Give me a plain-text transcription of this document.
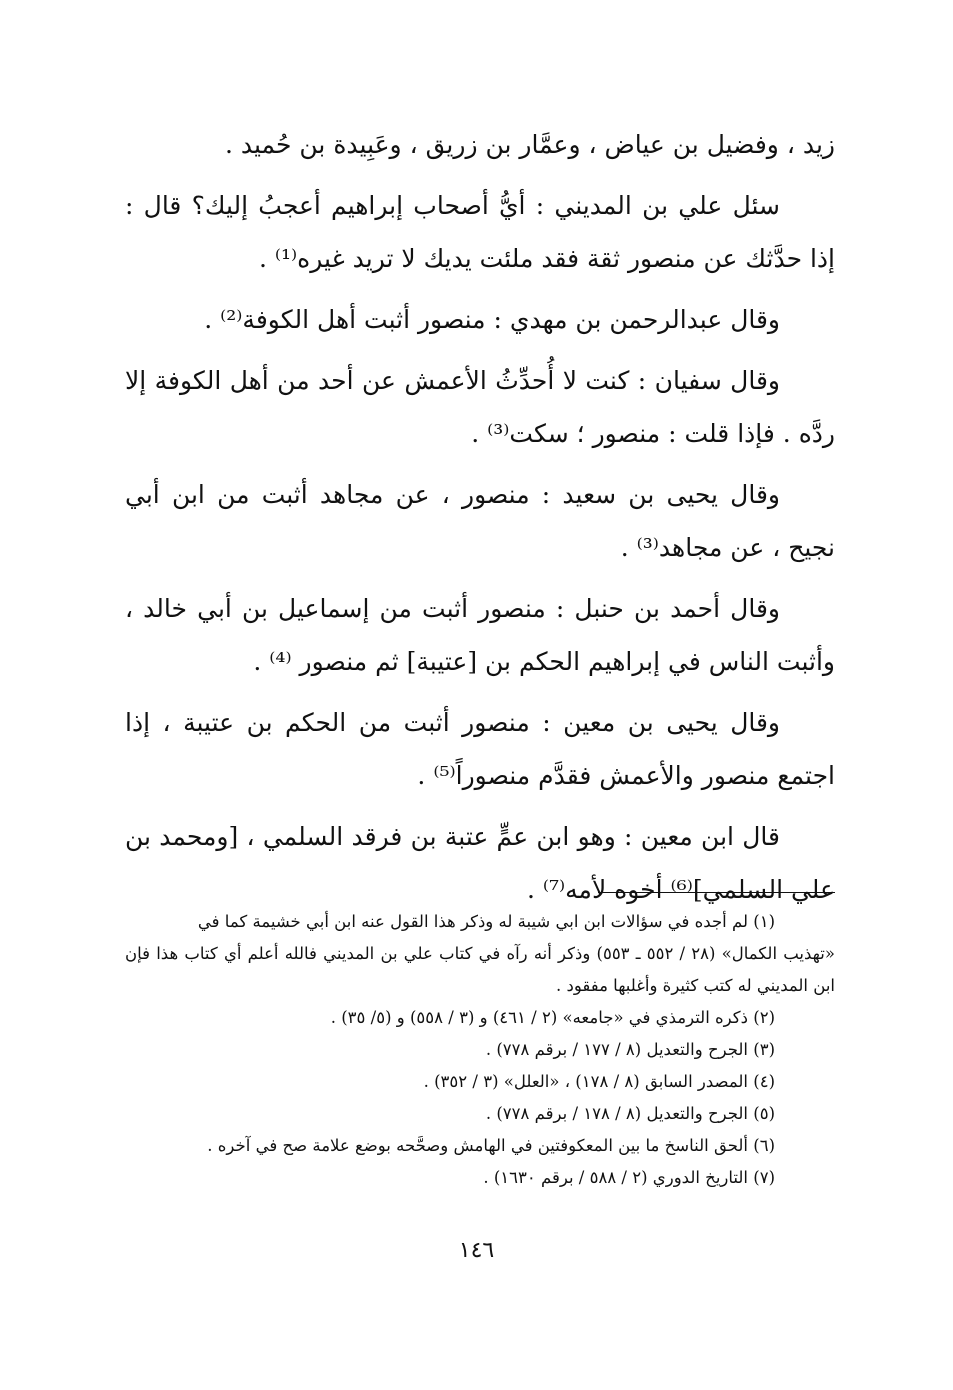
زيد ، وفضيل بن عياض ، وعمَّار بن زريق ، وعَبِيدة بن حُميد .

سئل علي بن المديني : أيُّ أصحاب إبراهيم أعجبُ إليك؟ قال : إذا حدَّثك عن منصور ثقة فقد ملئت يديك لا تريد غيره⁽¹⁾ .

وقال عبدالرحمن بن مهدي : منصور أثبت أهل الكوفة⁽²⁾ .

وقال سفيان : كنت لا أُحدِّثُ الأعمش عن أحد من أهل الكوفة إلا ردَّه . فإذا قلت : منصور ؛ سكت⁽³⁾ .

وقال يحيى بن سعيد : منصور ، عن مجاهد أثبت من ابن أبي نجيح ، عن مجاهد⁽³⁾ .

وقال أحمد بن حنبل : منصور أثبت من إسماعيل بن أبي خالد ، وأثبت الناس في إبراهيم الحكم بن [عتيبة] ثم منصور ⁽⁴⁾ .

وقال يحيى بن معين : منصور أثبت من الحكم بن عتيبة ، إذا اجتمع منصور والأعمش فقدَّم منصوراً⁽⁵⁾ .

قال ابن معين : وهو ابن عمٍّ عتبة بن فرقد السلمي ، [ومحمد بن علي السلمي]⁽⁶⁾ أخوه لأمه⁽⁷⁾ .

(١) لم أجده في سؤالات ابن ابي شيبة له وذكر هذا القول عنه ابن أبي خشيمة كما في

«تهذيب الكمال» (٢٨ / ٥٥٢ ـ ٥٥٣) وذكر أنه رآه في كتاب علي بن المديني فالله أعلم أي كتاب هذا فإن ابن المديني له كتب كثيرة وأغلبها مفقود .

(٢) ذكره الترمذي في «جامعه» (٢ / ٤٦١) و (٣ / ٥٥٨) و (٥/ ٣٥) .

(٣) الجرح والتعديل (٨ / ١٧٧ / برقم ٧٧٨) .

(٤) المصدر السابق (٨ / ١٧٨) ، «العلل» (٣ / ٣٥٢) .

(٥) الجرح والتعديل (٨ / ١٧٨ / برقم ٧٧٨) .

(٦) ألحق الناسخ ما بين المعكوفتين في الهامش وصحَّحه بوضع علامة صح في آخره .

(٧) التاريخ الدوري (٢ / ٥٨٨ / برقم ١٦٣٠) .

١٤٦
